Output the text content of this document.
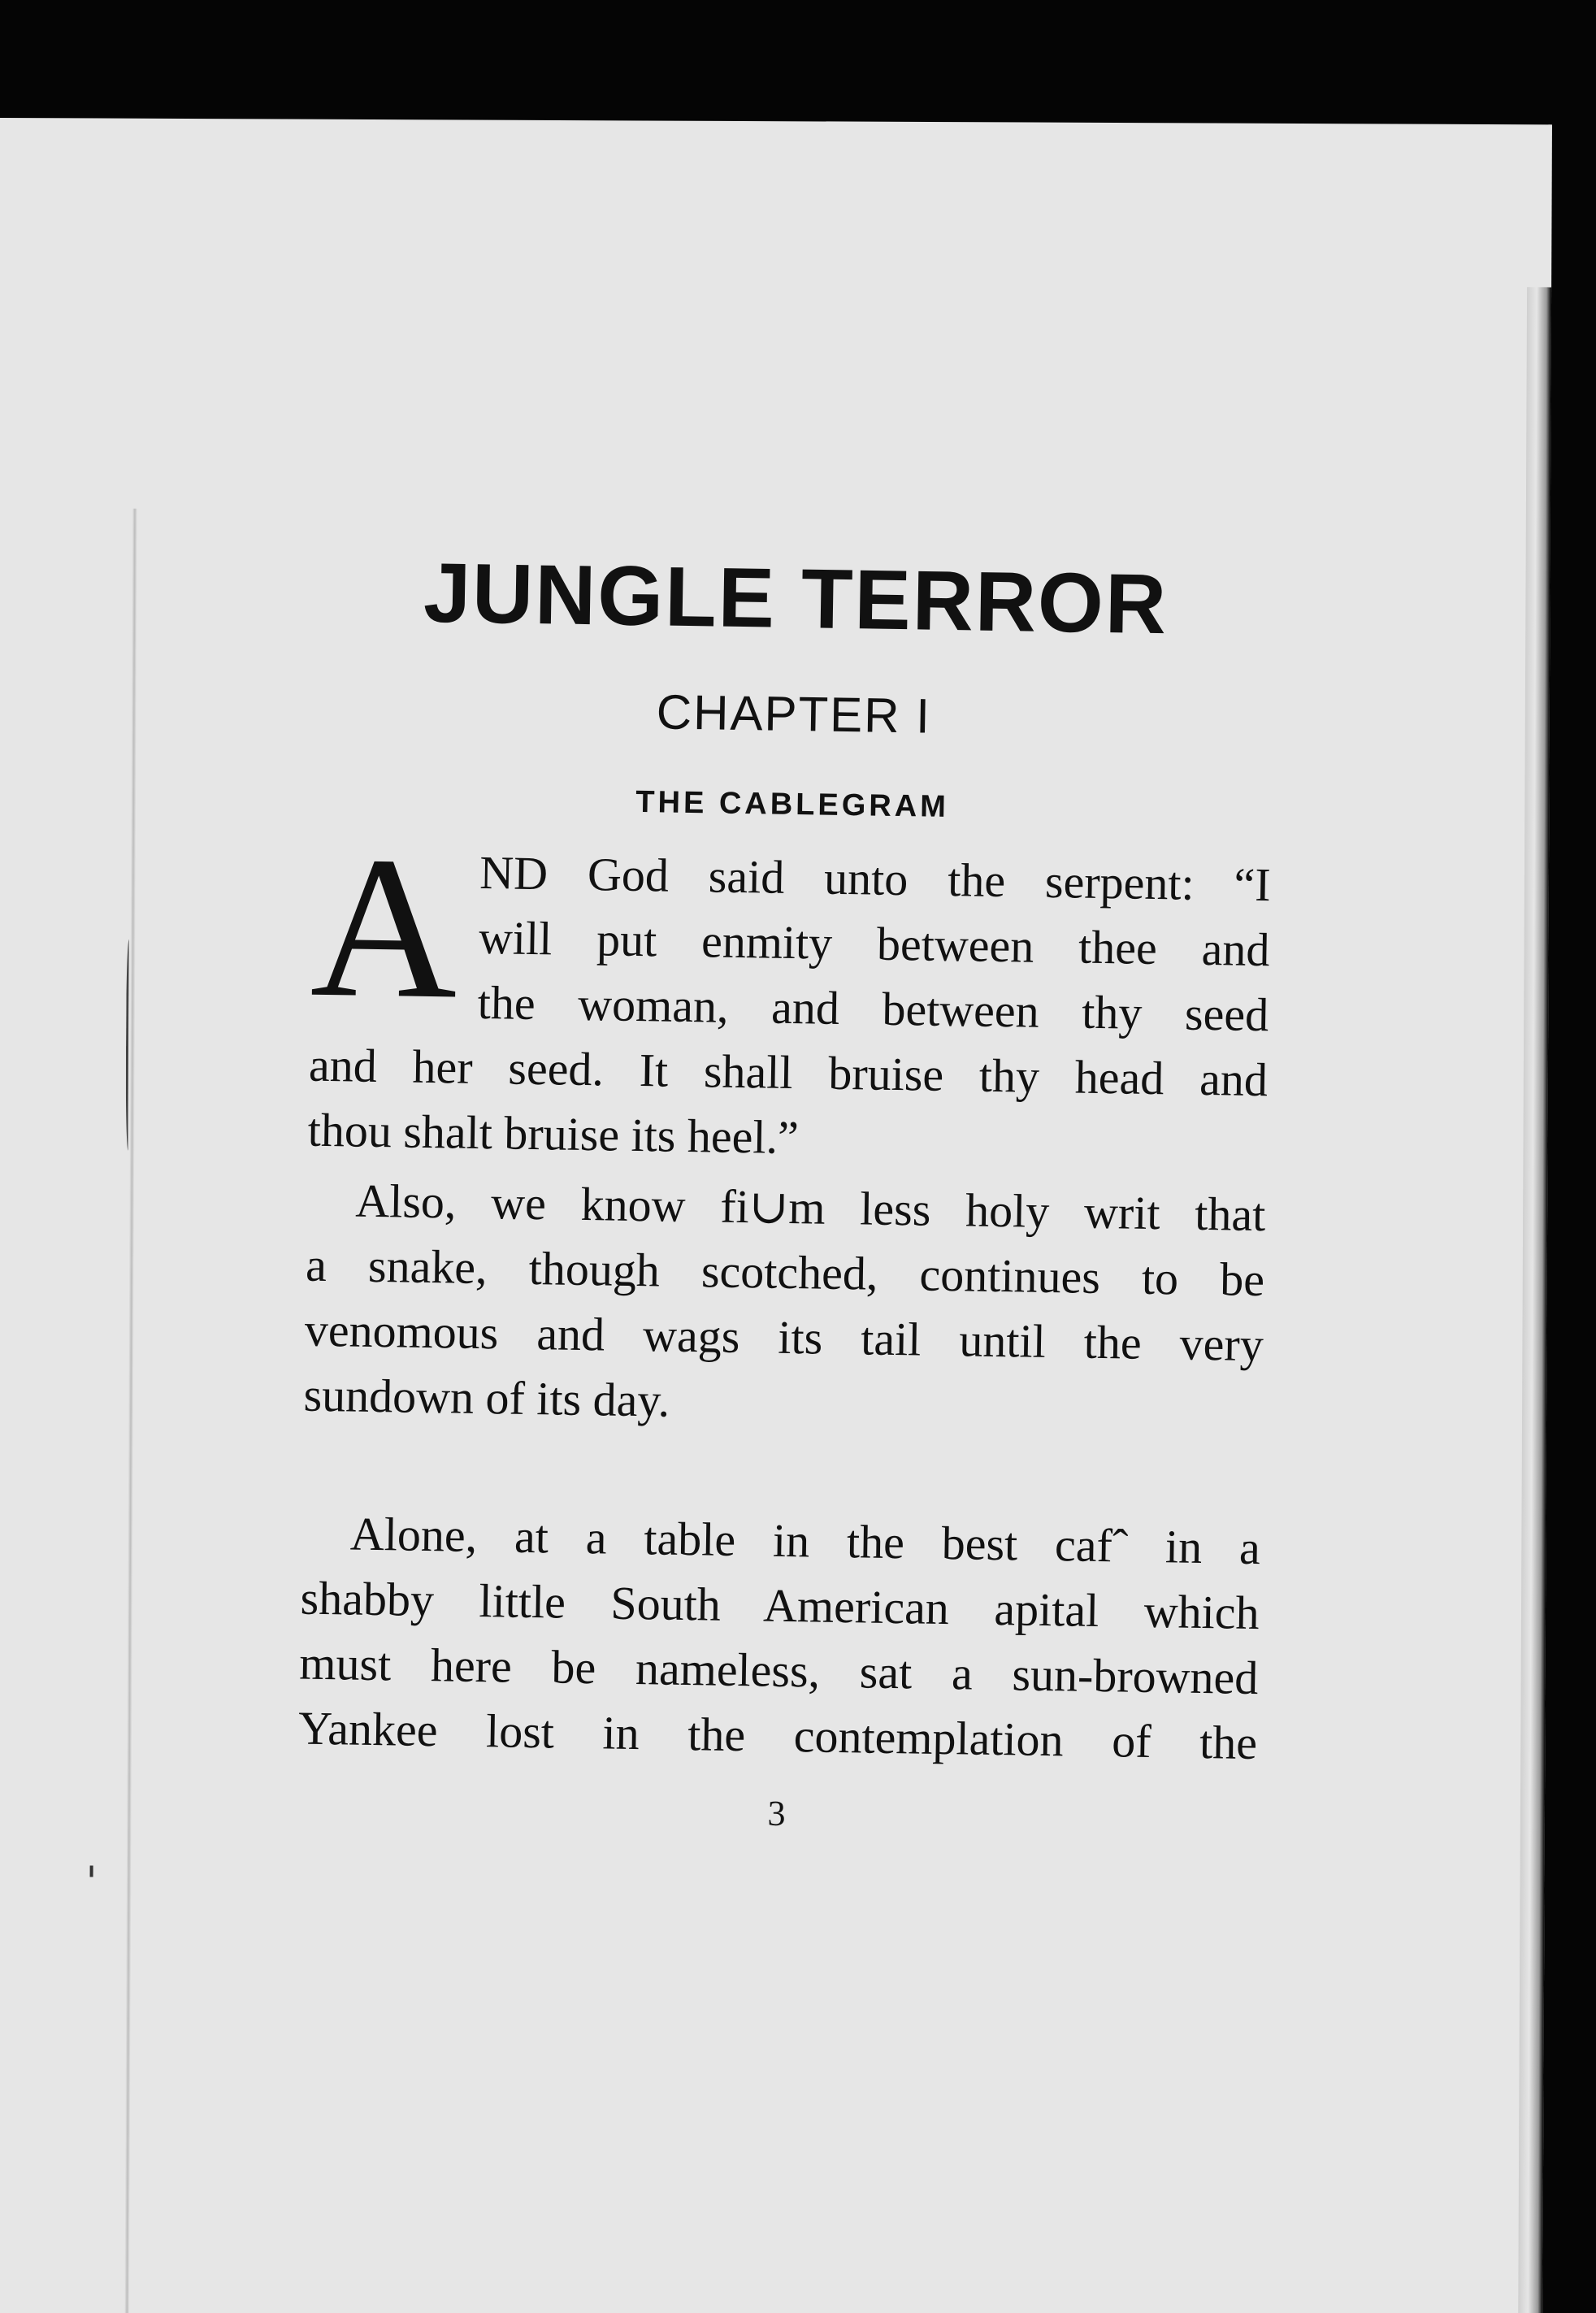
JUNGLE TERROR
CHAPTER I
THE CABLEGRAM
A ND God said unto the serpent: “I
will put enmity between thee and
the woman, and between thy seed
and her seed. It shall bruise thy head and
thou shalt bruise its heel.”
Also, we know fi∪m less holy writ that
a snake, though scotched, continues to be
venomous and wags its tail until the very
sundown of its day.
Alone, at a table in the best cafˆ in a
shabby little South American apital which
must here be nameless, sat a sun-browned
Yankee lost in the contemplation of the
3
